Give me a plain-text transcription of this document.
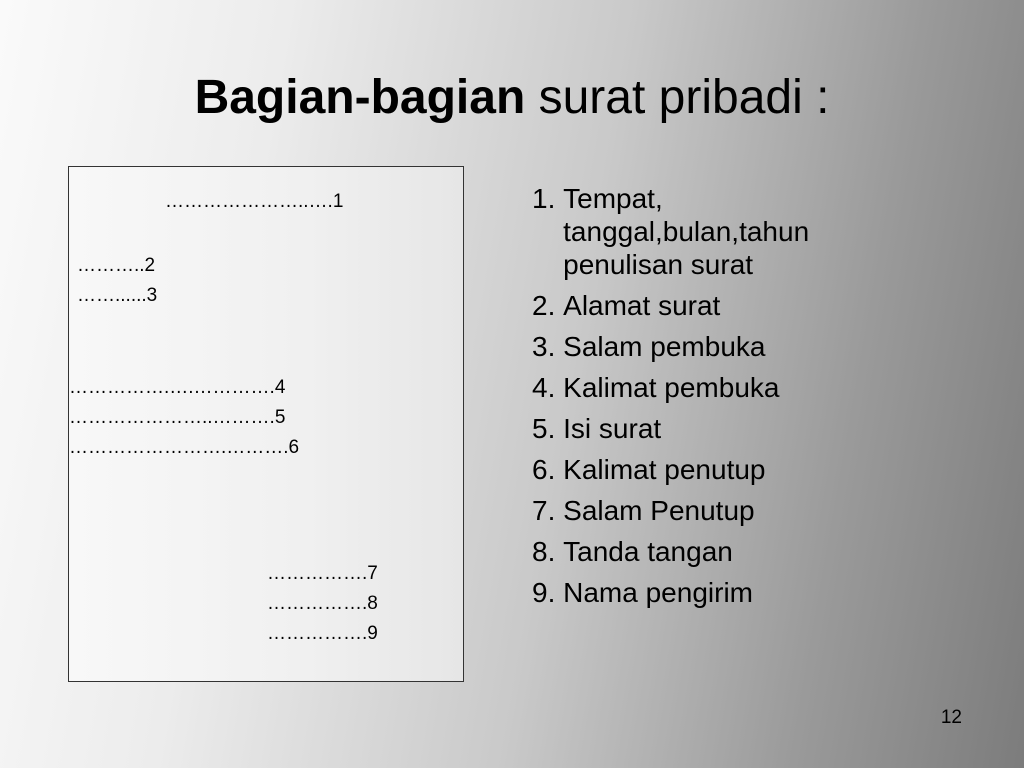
Bagian-bagian surat pribadi :
…………………..….1
………..2
……......3
…………….….………….4
…………………..……….5
…………………….……….6
…………….7
…………….8
…………….9
1. Tempat, tanggal,bulan,tahun penulisan surat
2. Alamat surat
3. Salam pembuka
4. Kalimat pembuka
5. Isi surat
6. Kalimat penutup
7. Salam Penutup
8. Tanda tangan
9. Nama pengirim
12
